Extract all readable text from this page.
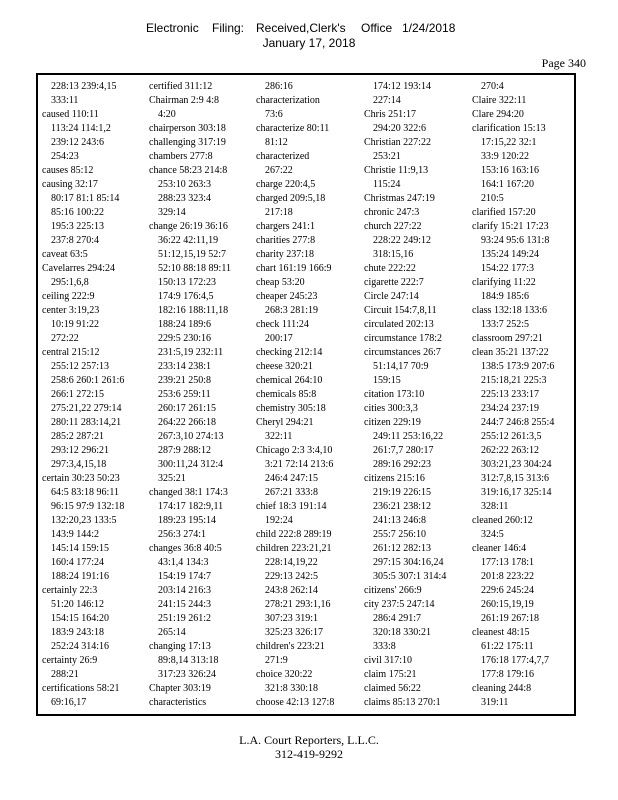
Electronic Filing: Received,Clerk's Office 1/24/2018
January 17, 2018
Page 340
228:13 239:4,15
333:11
caused 110:11
113:24 114:1,2
239:12 243:6
254:23
causes 85:12
causing 32:17
80:17 81:1 85:14
85:16 100:22
195:3 225:13
237:8 270:4
caveat 63:5
Cavelarres 294:24
295:1,6,8
ceiling 222:9
center 3:19,23
10:19 91:22
272:22
central 215:12
255:12 257:13
258:6 260:1 261:6
266:1 272:15
275:21,22 279:14
280:11 283:14,21
285:2 287:21
293:12 296:21
297:3,4,15,18
certain 30:23 50:23
64:5 83:18 96:11
96:15 97:9 132:18
132:20,23 133:5
143:9 144:2
145:14 159:15
160:4 177:24
188:24 191:16
certainly 22:3
51:20 146:12
154:15 164:20
183:9 243:18
252:24 314:16
certainty 26:9
288:21
certifications 58:21
69:16,17
certified 311:12
Chairman 2:9 4:8
4:20
chairperson 303:18
challenging 317:19
chambers 277:8
chance 58:23 214:8
253:10 263:3
288:23 323:4
329:14
change 26:19 36:16
36:22 42:11,19
51:12,15,19 52:7
52:10 88:18 89:11
150:13 172:23
174:9 176:4,5
182:16 188:11,18
188:24 189:6
229:5 230:16
231:5,19 232:11
233:14 238:1
239:21 250:8
253:6 259:11
260:17 261:15
264:22 266:18
267:3,10 274:13
287:9 288:12
300:11,24 312:4
325:21
changed 38:1 174:3
174:17 182:9,11
189:23 195:14
256:3 274:1
changes 36:8 40:5
43:1,4 134:3
154:19 174:7
203:14 216:3
241:15 244:3
251:19 261:2
265:14
changing 17:13
89:8,14 313:18
317:23 326:24
Chapter 303:19
characteristics
286:16
characterization
73:6
characterize 80:11
81:12
characterized
267:22
charge 220:4,5
charged 209:5,18
217:18
chargers 241:1
charities 277:8
charity 237:18
chart 161:19 166:9
cheap 53:20
cheaper 245:23
268:3 281:19
check 111:24
200:17
checking 212:14
cheese 320:21
chemical 264:10
chemicals 85:8
chemistry 305:18
Cheryl 294:21
322:11
Chicago 2:3 3:4,10
3:21 72:14 213:6
246:4 247:15
267:21 333:8
chief 18:3 191:14
192:24
child 222:8 289:19
children 223:21,21
228:14,19,22
229:13 242:5
243:8 262:14
278:21 293:1,16
307:23 319:1
325:23 326:17
children's 223:21
271:9
choice 320:22
321:8 330:18
choose 42:13 127:8
174:12 193:14
227:14
Chris 251:17
294:20 322:6
Christian 227:22
253:21
Christie 11:9,13
115:24
Christmas 247:19
chronic 247:3
church 227:22
228:22 249:12
318:15,16
chute 222:22
cigarette 222:7
Circle 247:14
Circuit 154:7,8,11
circulated 202:13
circumstance 178:2
circumstances 26:7
51:14,17 70:9
159:15
citation 173:10
cities 300:3,3
citizen 229:19
249:11 253:16,22
261:7,7 280:17
289:16 292:23
citizens 215:16
219:19 226:15
236:21 238:12
241:13 246:8
255:7 256:10
261:12 282:13
297:15 304:16,24
305:5 307:1 314:4
citizens' 266:9
city 237:5 247:14
286:4 291:7
320:18 330:21
333:8
civil 317:10
claim 175:21
claimed 56:22
claims 85:13 270:1
270:4
Claire 322:11
Clare 294:20
clarification 15:13
17:15,22 32:1
33:9 120:22
153:16 163:16
164:1 167:20
210:5
clarified 157:20
clarify 15:21 17:23
93:24 95:6 131:8
135:24 149:24
154:22 177:3
clarifying 11:22
184:9 185:6
class 132:18 133:6
133:7 252:5
classroom 297:21
clean 35:21 137:22
138:5 173:9 207:6
215:18,21 225:3
225:13 233:17
234:24 237:19
244:7 246:8 255:4
255:12 261:3,5
262:22 263:12
303:21,23 304:24
312:7,8,15 313:6
319:16,17 325:14
328:11
cleaned 260:12
324:5
cleaner 146:4
177:13 178:1
201:8 223:22
229:6 245:24
260:15,19,19
261:19 267:18
cleanest 48:15
61:22 175:11
176:18 177:4,7,7
177:8 179:16
cleaning 244:8
319:11
L.A. Court Reporters, L.L.C.
312-419-9292
